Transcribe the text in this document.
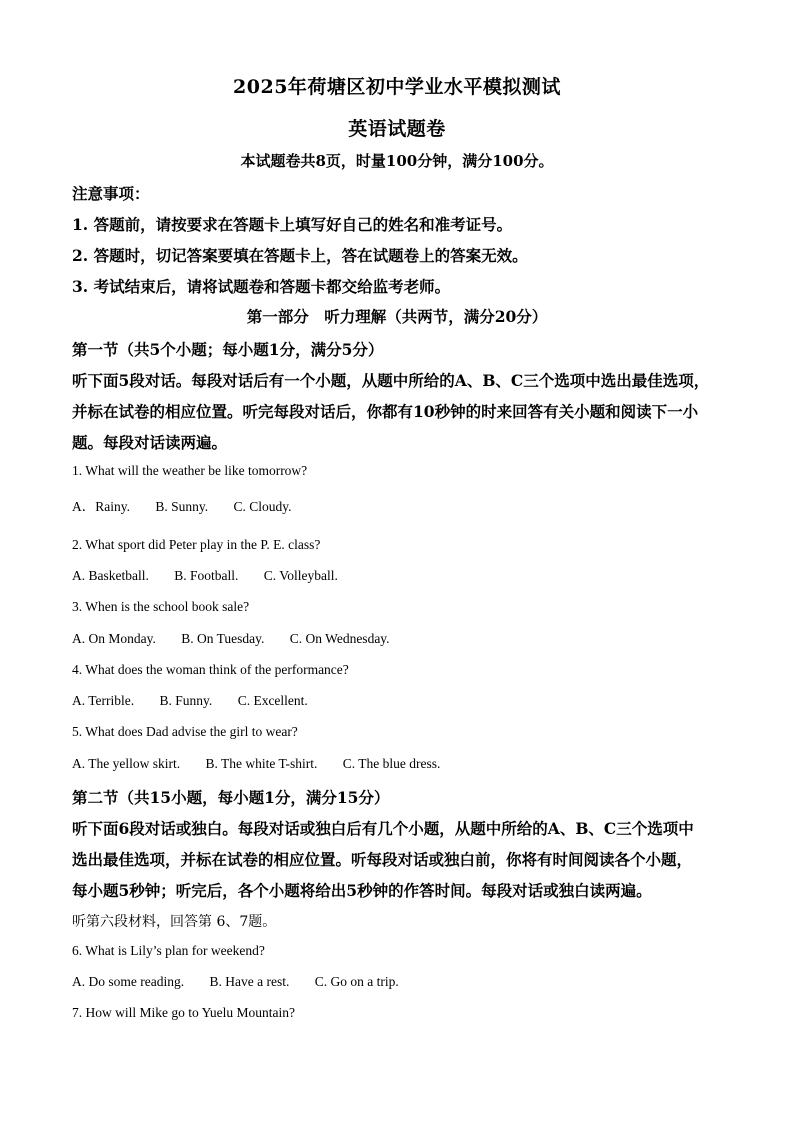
2025年荷塘区初中学业水平模拟测试
英语试题卷
本试题卷共8页，时量100分钟，满分100分。
注意事项：
1. 答题前，请按要求在答题卡上填写好自己的姓名和准考证号。
2. 答题时，切记答案要填在答题卡上，答在试题卷上的答案无效。
3. 考试结束后，请将试题卷和答题卡都交给监考老师。
第一部分　听力理解（共两节，满分20分）
第一节（共5个小题；每小题1分，满分5分）
听下面5段对话。每段对话后有一个小题，从题中所给的A、B、C三个选项中选出最佳选项，
并标在试卷的相应位置。听完每段对话后，你都有10秒钟的时来回答有关小题和阅读下一小
题。每段对话读两遍。
1. What will the weather be like tomorrow?
A．Rainy. B. Sunny. C. Cloudy.
2. What sport did Peter play in the P. E. class?
A. Basketball. B. Football. C. Volleyball.
3. When is the school book sale?
A. On Monday. B. On Tuesday. C. On Wednesday.
4. What does the woman think of the performance?
A. Terrible. B. Funny. C. Excellent.
5. What does Dad advise the girl to wear?
A. The yellow skirt. B. The white T-shirt. C. The blue dress.
第二节（共15小题，每小题1分，满分15分）
听下面6段对话或独白。每段对话或独白后有几个小题，从题中所给的A、B、C三个选项中
选出最佳选项，并标在试卷的相应位置。听每段对话或独白前，你将有时间阅读各个小题，
每小题5秒钟；听完后，各个小题将给出5秒钟的作答时间。每段对话或独白读两遍。
听第六段材料，回答第 6、7题。
6. What is Lily’s plan for weekend?
A. Do some reading. B. Have a rest. C. Go on a trip.
7. How will Mike go to Yuelu Mountain?
